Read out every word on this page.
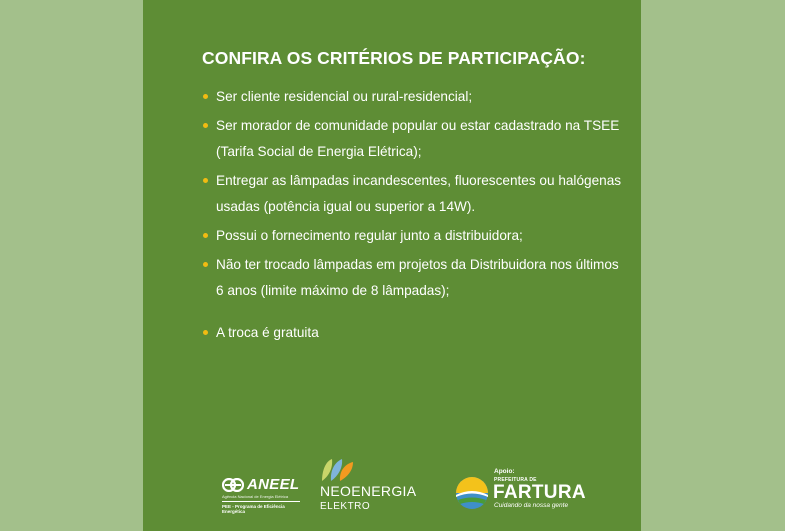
CONFIRA OS CRITÉRIOS DE PARTICIPAÇÃO:
Ser cliente residencial ou rural-residencial;
Ser morador de comunidade popular ou estar cadastrado na TSEE (Tarifa Social de Energia Elétrica);
Entregar as lâmpadas incandescentes, fluorescentes ou halógenas usadas (potência igual ou superior a 14W).
Possui o fornecimento regular junto a distribuidora;
Não ter trocado lâmpadas em projetos da Distribuidora nos últimos 6 anos (limite máximo de 8 lâmpadas);
A troca é gratuita
ANEEL
Agência Nacional de Energia Elétrica
PEE - Programa de Eficiência Energética
NEOENERGIA
ELEKTRO
Apoio:
PREFEITURA DE
FARTURA
Cuidando da nossa gente
